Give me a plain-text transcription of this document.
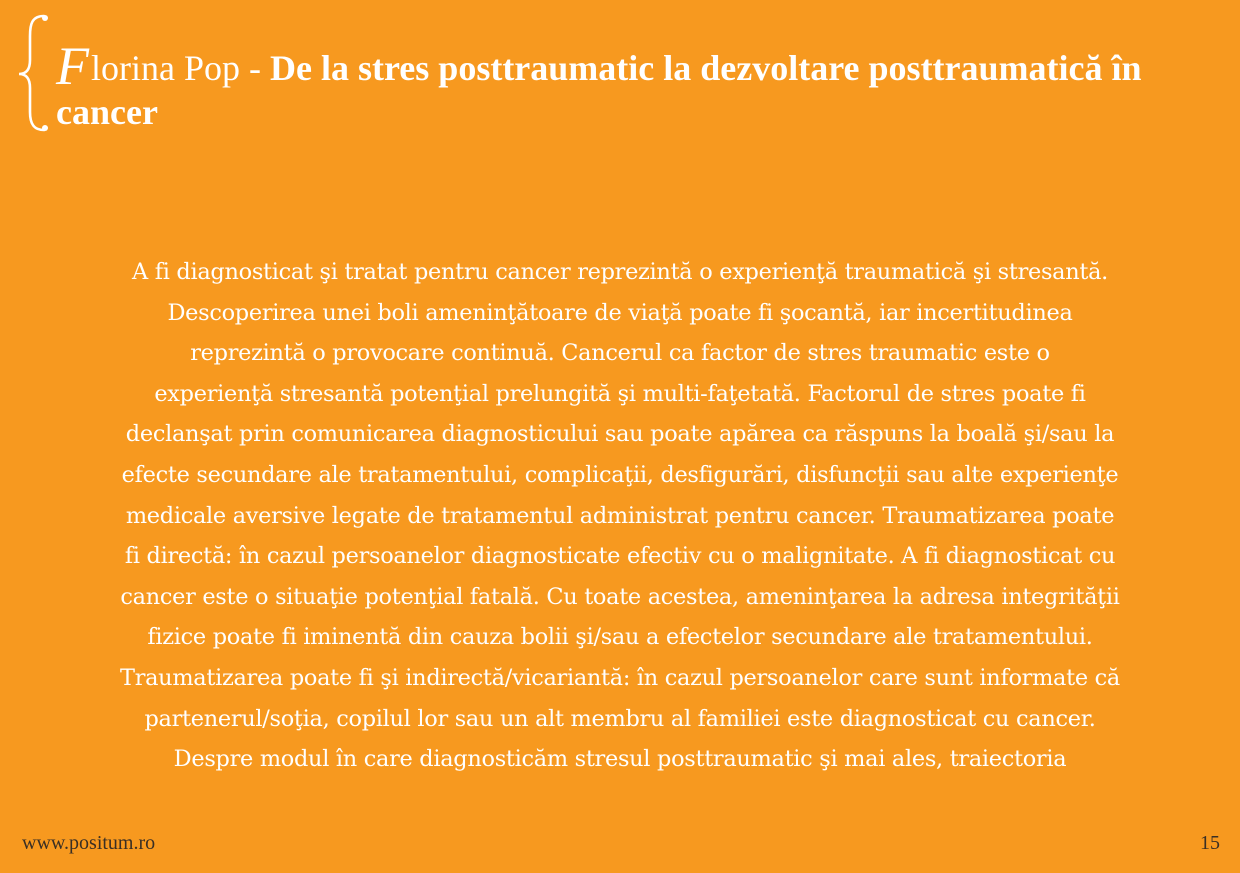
Florina Pop - De la stres posttraumatic la dezvoltare posttraumatică în cancer
A fi diagnosticat şi tratat pentru cancer reprezintă o experienţă traumatică şi stresantă.
Descoperirea unei boli ameninţătoare de viaţă poate fi şocantă, iar incertitudinea
reprezintă o provocare continuă. Cancerul ca factor de stres traumatic este o
experienţă stresantă potenţial prelungită şi multi-faţetată. Factorul de stres poate fi
declanşat prin comunicarea diagnosticului sau poate apărea ca răspuns la boală şi/sau la
efecte secundare ale tratamentului, complicaţii, desfigurări, disfuncţii sau alte experienţe
medicale aversive legate de tratamentul administrat pentru cancer. Traumatizarea poate
fi directă: în cazul persoanelor diagnosticate efectiv cu o malignitate. A fi diagnosticat cu
cancer este o situaţie potenţial fatală. Cu toate acestea, ameninţarea la adresa integrităţii
fizice poate fi iminentă din cauza bolii şi/sau a efectelor secundare ale tratamentului.
Traumatizarea poate fi şi indirectă/vicariantă: în cazul persoanelor care sunt informate că
partenerul/soţia, copilul lor sau un alt membru al familiei este diagnosticat cu cancer.
Despre modul în care diagnosticăm stresul posttraumatic şi mai ales, traiectoria
www.positum.ro	15
